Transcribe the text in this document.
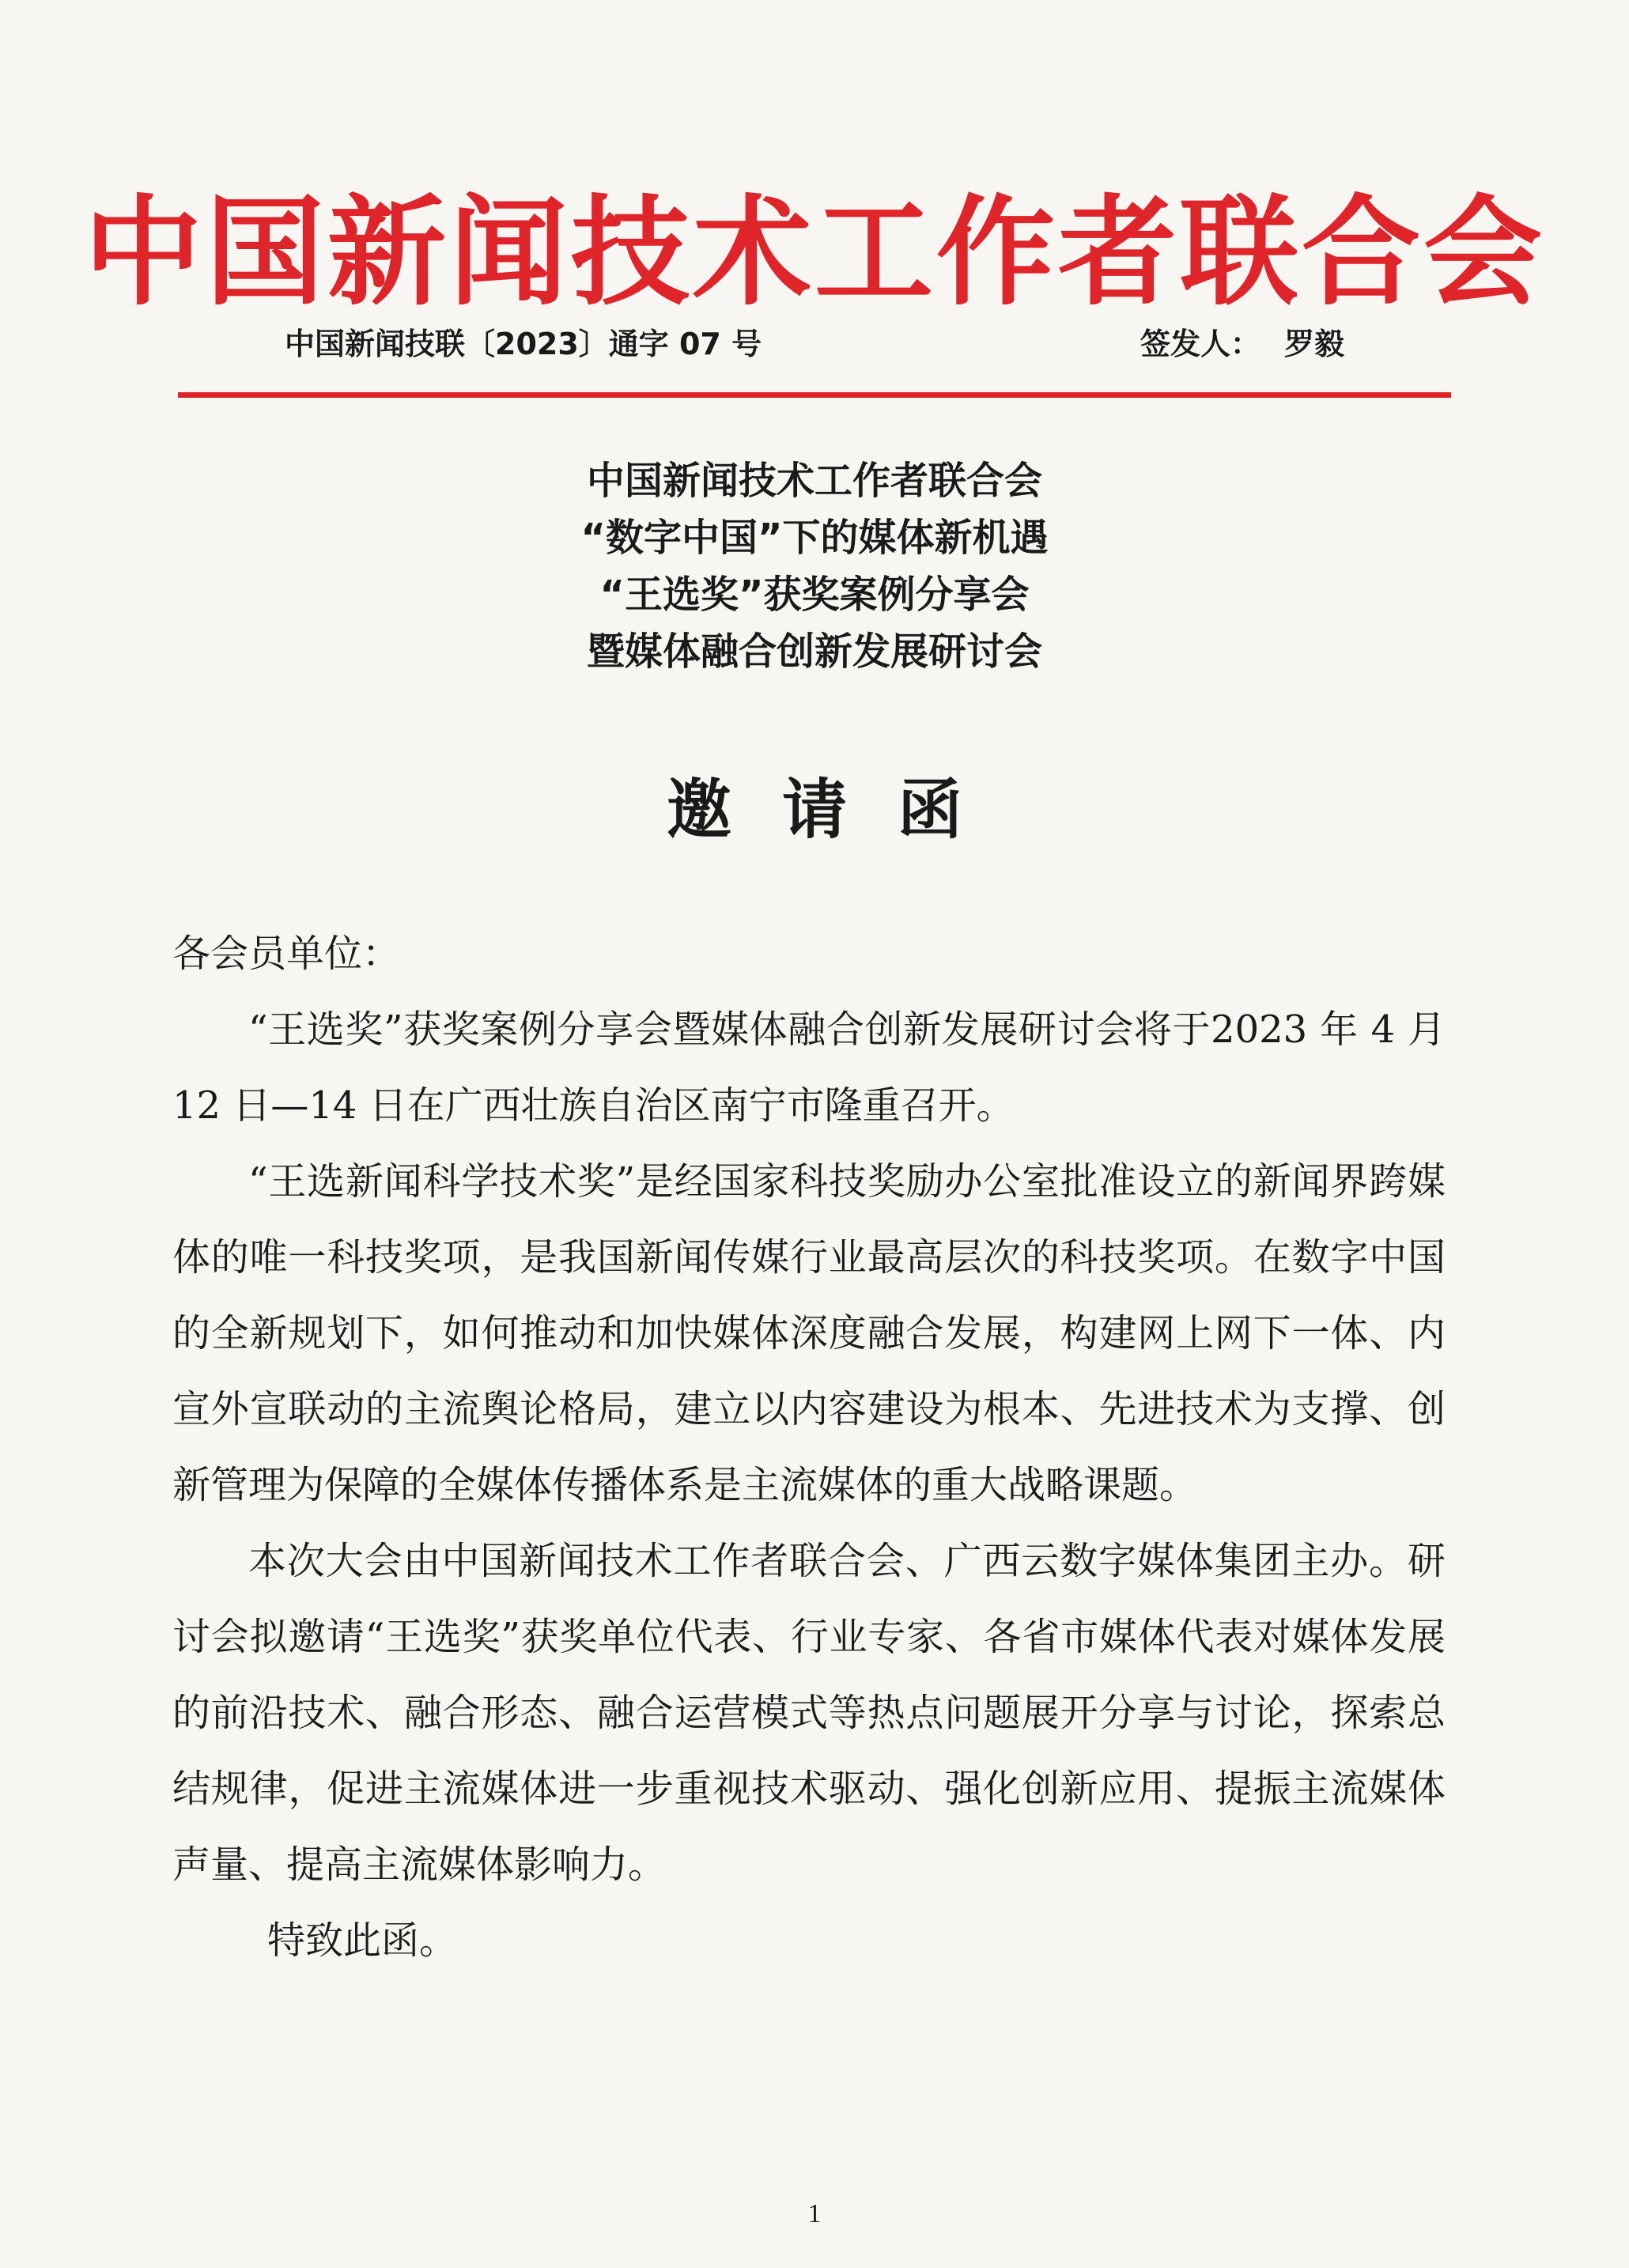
中国新闻技术工作者联合会
中国新闻技联〔2023〕通字 07 号	签发人： 罗毅
中国新闻技术工作者联合会
“数字中国”下的媒体新机遇
“王选奖”获奖案例分享会
暨媒体融合创新发展研讨会
邀请函

各会员单位：

“王选奖”获奖案例分享会暨媒体融合创新发展研讨会将于2023 年 4 月 12 日—14 日在广西壮族自治区南宁市隆重召开。

“王选新闻科学技术奖”是经国家科技奖励办公室批准设立的新闻界跨媒体的唯一科技奖项，是我国新闻传媒行业最高层次的科技奖项。在数字中国的全新规划下，如何推动和加快媒体深度融合发展，构建网上网下一体、内宣外宣联动的主流舆论格局，建立以内容建设为根本、先进技术为支撑、创新管理为保障的全媒体传播体系是主流媒体的重大战略课题。

本次大会由中国新闻技术工作者联合会、广西云数字媒体集团主办。研讨会拟邀请“王选奖”获奖单位代表、行业专家、各省市媒体代表对媒体发展的前沿技术、融合形态、融合运营模式等热点问题展开分享与讨论，探索总结规律，促进主流媒体进一步重视技术驱动、强化创新应用、提振主流媒体声量、提高主流媒体影响力。

特致此函。

1
